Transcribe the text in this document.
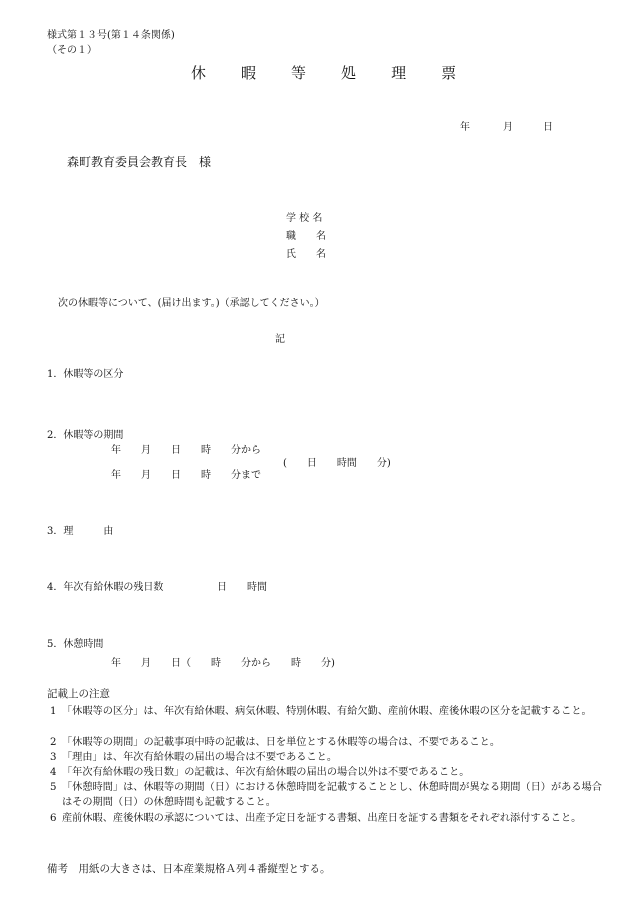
様式第１３号(第１４条関係)
（その１）
休 暇 等 処 理 票
年	月	日
森町教育委員会教育長　様
学 校 名
職　　名
氏　　名
次の休暇等について、(届け出ます。)（承認してください。）
記
1．休暇等の区分
2．休暇等の期間
年　　月　　日　　時　　分から
(　　日　　時間　　分)
年　　月　　日　　時　　分まで
3．理　　　由
4．年次有給休暇の残日数	日　　時間
5．休憩時間
年　　月　　日（　　時　　分から　　時　　分)
記載上の注意
1 「休暇等の区分」は、年次有給休暇、病気休暇、特別休暇、有給欠勤、産前休暇、産後休暇の区分を記載すること。
2 「休暇等の期間」の記載事項中時の記載は、日を単位とする休暇等の場合は、不要であること。
3 「理由」は、年次有給休暇の届出の場合は不要であること。
4 「年次有給休暇の残日数」の記載は、年次有給休暇の届出の場合以外は不要であること。
5 「休憩時間」は、休暇等の期間（日）における休憩時間を記載することとし、休憩時間が異なる期間（日）がある場合はその期間（日）の休憩時間も記載すること。
6 産前休暇、産後休暇の承認については、出産予定日を証する書類、出産日を証する書類をそれぞれ添付すること。
備考　用紙の大きさは、日本産業規格Ａ列４番縦型とする。
